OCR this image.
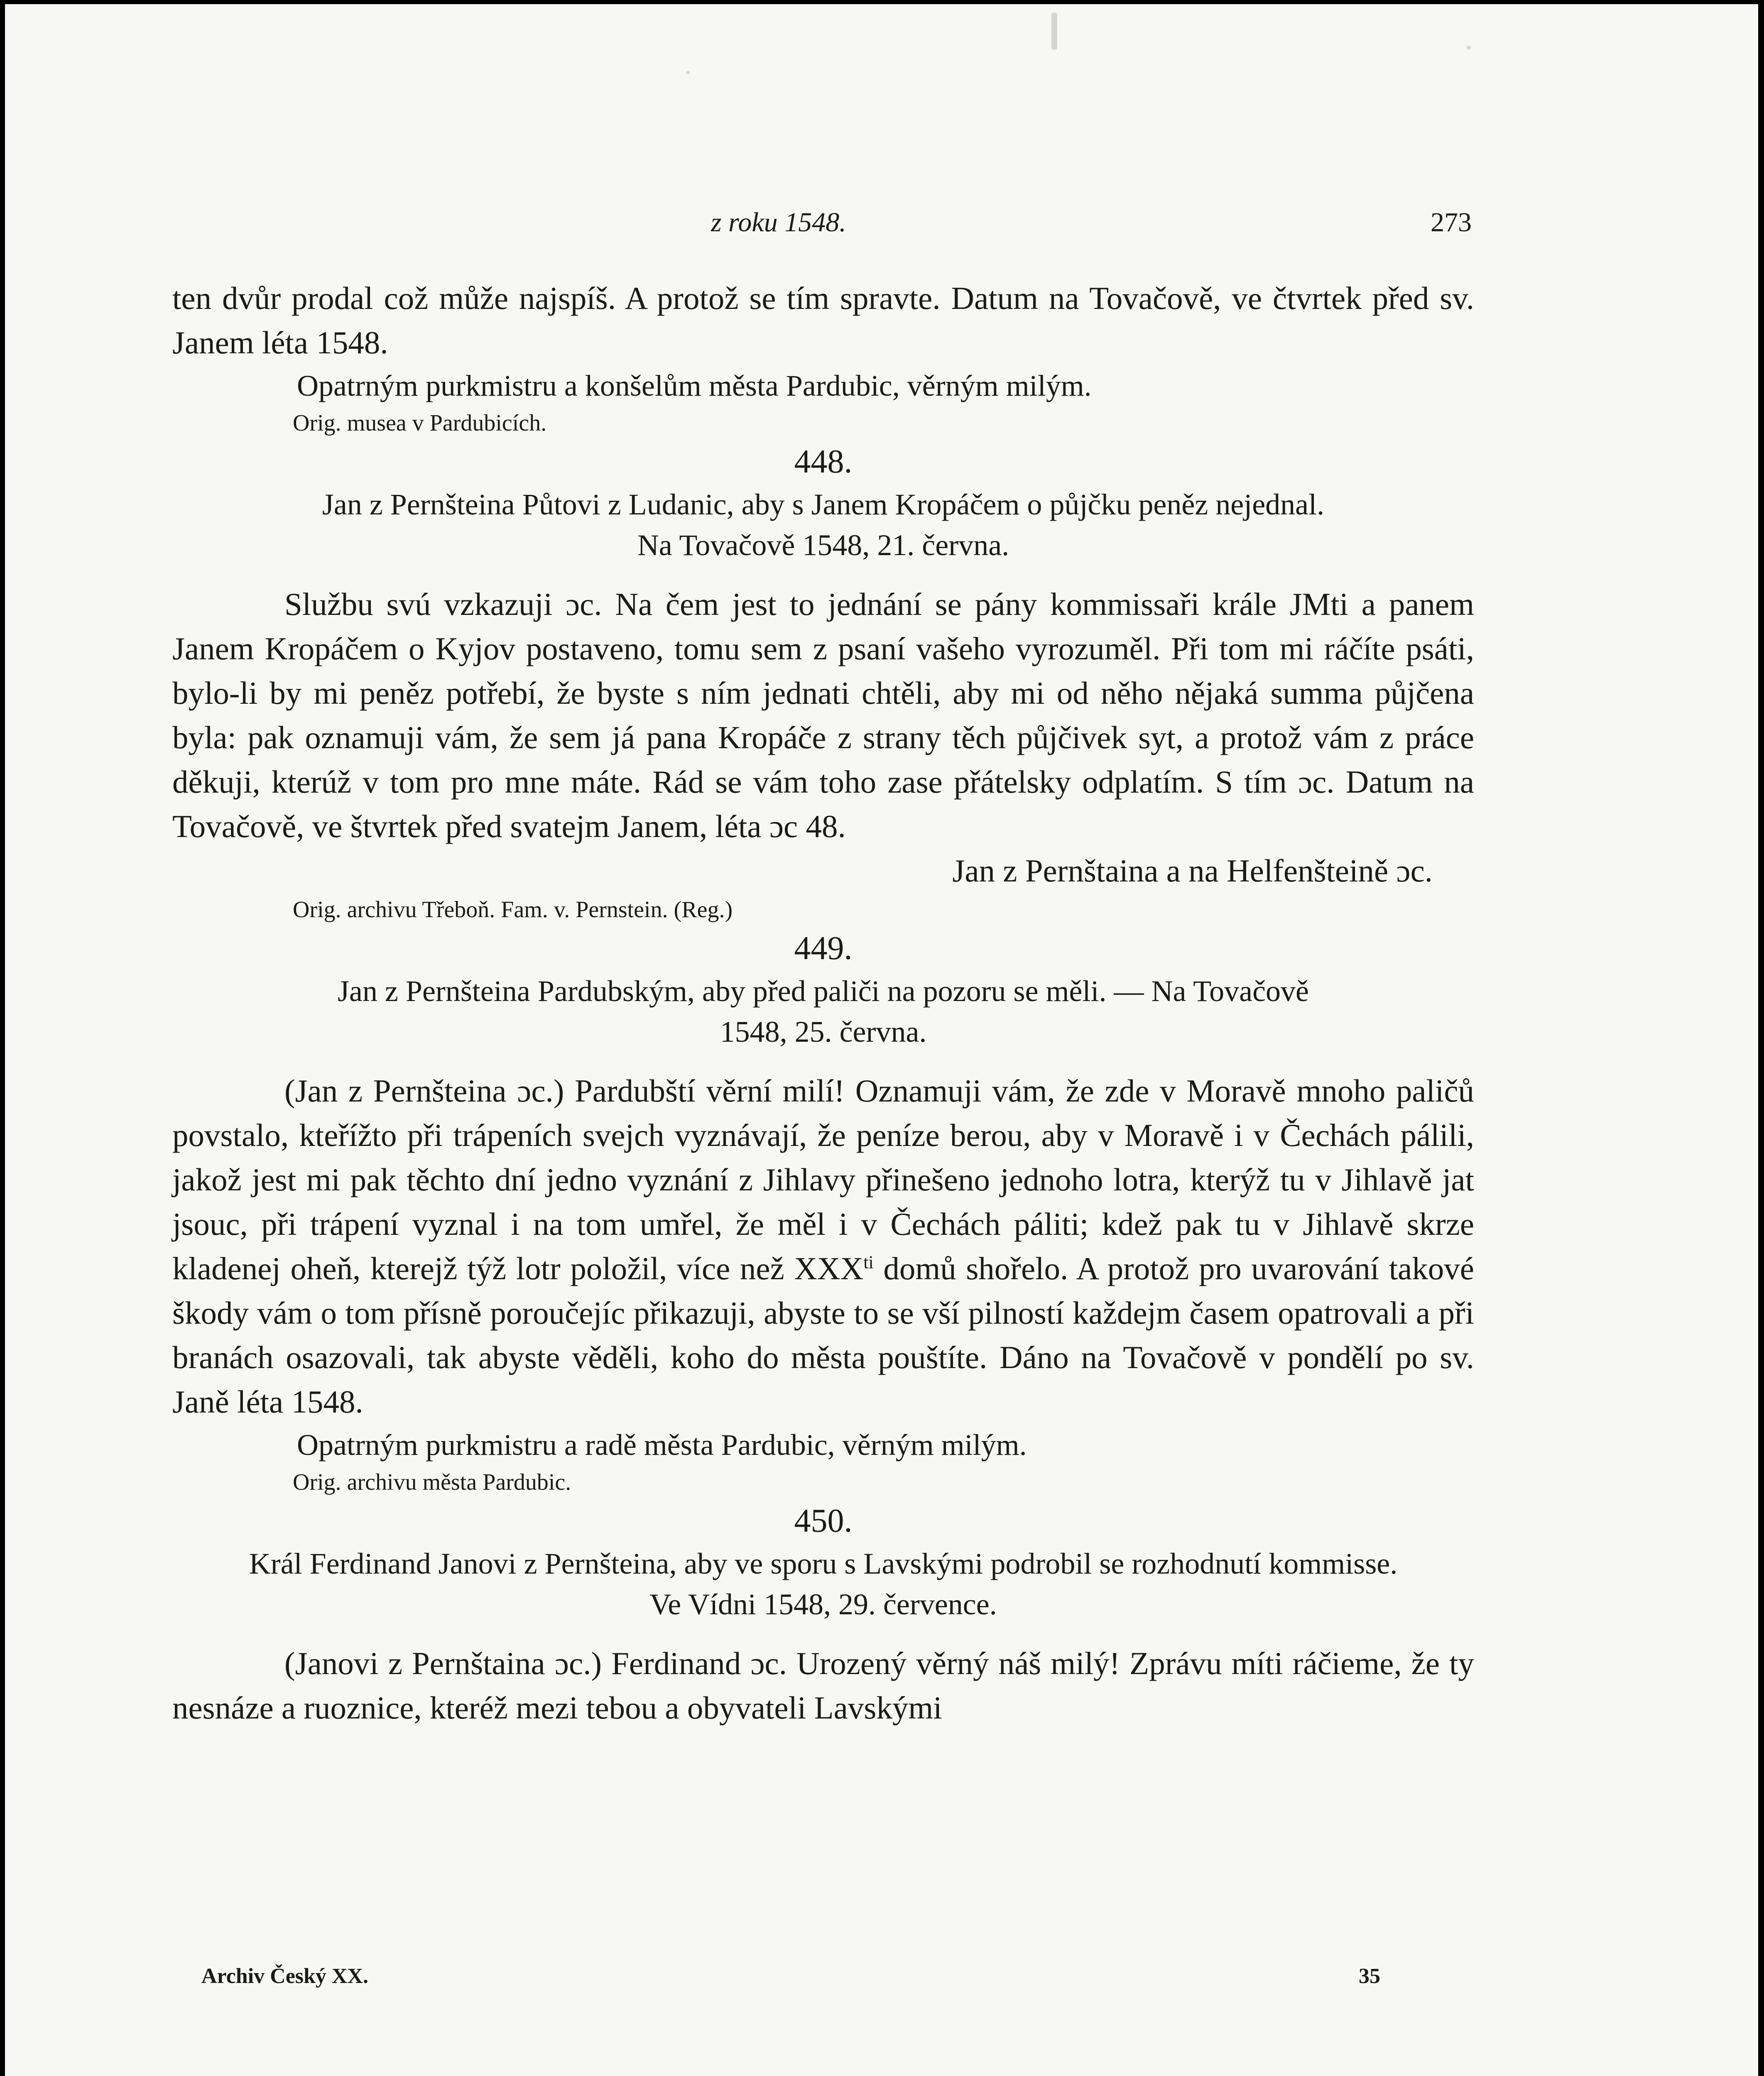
z roku 1548.	273

ten dvůr prodal což může najspíš. A protož se tím spravte. Datum na Tovačově, ve čtvrtek před sv. Janem léta 1548.

Opatrným purkmistru a konšelům města Pardubic, věrným milým.

Orig. musea v Pardubicích.

448.

Jan z Pernšteina Půtovi z Ludanic, aby s Janem Kropáčem o půjčku peněz nejednal.
Na Tovačově 1548, 21. června.

Službu svú vzkazuji ɔc. Na čem jest to jednání se pány kommissaři krále JMti a panem Janem Kropáčem o Kyjov postaveno, tomu sem z psaní vašeho vyrozuměl. Při tom mi ráčíte psáti, bylo-li by mi peněz potřebí, že byste s ním jednati chtěli, aby mi od něho nějaká summa půjčena byla: pak oznamuji vám, že sem já pana Kropáče z strany těch půjčivek syt, a protož vám z práce děkuji, kterúž v tom pro mne máte. Rád se vám toho zase přátelsky odplatím. S tím ɔc. Datum na Tovačově, ve štvrtek před svatejm Janem, léta ɔc 48.

Jan z Pernštaina a na Helfenšteině ɔc.

Orig. archivu Třeboň. Fam. v. Pernstein. (Reg.)

449.

Jan z Pernšteina Pardubským, aby před paliči na pozoru se měli. — Na Tovačově
1548, 25. června.

(Jan z Pernšteina ɔc.) Pardubští věrní milí! Oznamuji vám, že zde v Moravě mnoho paličů povstalo, kteřížto při trápeních svejch vyznávají, že peníze berou, aby v Moravě i v Čechách pálili, jakož jest mi pak těchto dní jedno vyznání z Jihlavy přinešeno jednoho lotra, kterýž tu v Jihlavě jat jsouc, při trápení vyznal i na tom umřel, že měl i v Čechách páliti; kdež pak tu v Jihlavě skrze kladenej oheň, kterejž týž lotr položil, více než $XXX^{ti}$ domů shořelo. A protož pro uvarování takové škody vám o tom přísně poroučejíc přikazuji, abyste to se vší pilností každejm časem opatrovali a při branách osazovali, tak abyste věděli, koho do města pouštíte. Dáno na Tovačově v pondělí po sv. Janě léta 1548.

Opatrným purkmistru a radě města Pardubic, věrným milým.

Orig. archivu města Pardubic.

450.

Král Ferdinand Janovi z Pernšteina, aby ve sporu s Lavskými podrobil se rozhodnutí kommisse.
Ve Vídni 1548, 29. července.

(Janovi z Pernštaina ɔc.) Ferdinand ɔc. Urozený věrný náš milý! Zprávu míti ráčieme, že ty nesnáze a ruoznice, kteréž mezi tebou a obyvateli Lavskými

Archiv Český XX.	35
